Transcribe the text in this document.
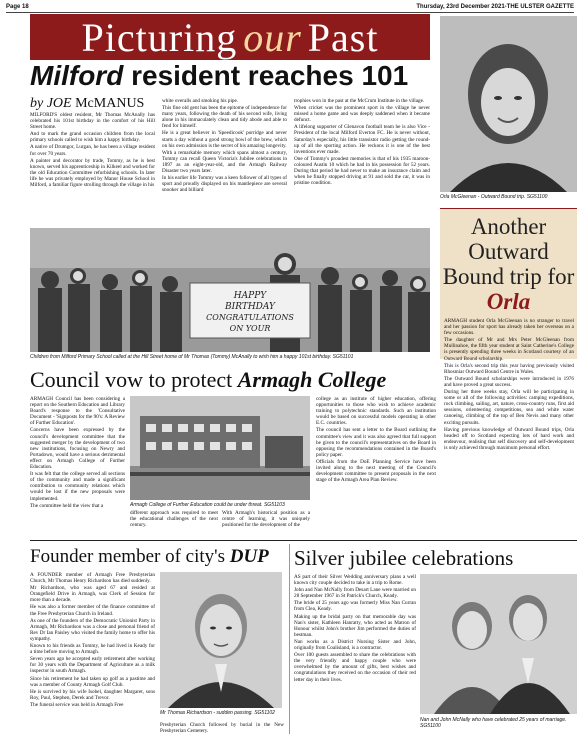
Page 18	Thursday, 23rd December 2021-THE ULSTER GAZETTE
Picturing our Past
Orla McGleenan - Outward Bound trip. SG51100
Milford resident reaches 101
by JOE McMANUS

MILFORD'S oldest resident, Mr Thomas McAnally has celebrated his 101st birthday in the comfort of his Hill Street home.

And to mark the grand occasion children from the local primary schools called to wish him a happy birthday.

A native of Drumgor, Lurgan, he has been a village resident for over 70 years.

A painter and decorator by trade, Tommy, as he is best known, served his apprenticeship in Kilkeel and worked for the old Education Committee refurbishing schools. In later life he was privately employed by Manor House School in Milford, a familiar figure strolling through the village in his

white overalls and smoking his pipe.

This fine old gent has been the epitome of independence for many years, following the death of his second wife, living alone in his immaculately clean and tidy abode and able to fend for himself.

He is a great believer in 'Speedicook' porridge and never starts a day without a good strong bowl of the brew, which on his own admission is the secret of his amazing longevity.

With a remarkable memory which spans almost a century, Tommy can recall Queen Victoria's Jubilee celebrations in 1897 as an eight-year-old, and the Armagh Railway Disaster two years later.

In his earlier life Tommy was a keen follower of all types of sport and proudly displayed on his mantlepiece are several snooker and billiard

trophies won in the past at the McCrum Institute in the village.

When cricket was the prominent sport in the village he never missed a home game and was deeply saddened when it became defunct.

A lifelong supporter of Glenavon football team he is also Vice -President of the local Milford Everton FC. He is never without, Saturday's especially, his little transistor radio getting the round-up of all the sporting action. He reckons it is one of the best inventions ever made.

One of Tommy's proudest memories is that of his 1935 maroon-coloured Austin 10 which he had in his possession for 52 years. During that period he had never to make an insurance claim and when he finally stopped driving at 91 and sold the car, it was in pristine condition.

HAPPY
BIRTHDAY
CONGRATULATIONS
ON YOUR
Children from Milford Primary School called at the Hill Street home of Mr Thomas (Tommy) McAnally to wish him a happy 101st birthday. SG51101
Another Outward Bound trip for Orla

ARMAGH student Orla McGleenan is no stranger to travel and her passion for sport has already taken her overseas on a few occasions.

The daughter of Mr and Mrs Peter McGleenan from Mullinahoe, the fifth year student at Saint Catherine's College is presently spending three weeks in Scotland courtesy of an Outward Bound scholarship.

This is Orla's second trip this year having previously visited Rhosmiar Outward Bound Centre in Wales.

The Outward Bound scholarships were introduced in 1976 and have proved a great success.

During her three weeks stay, Orla will be participating in some or all of the following activities: camping expeditions, rock climbing, sailing, art, nature, cross-country runs, first aid sessions, orienteering competitions, sea and white water canoeing, climbing of the top of Ben Nevis and many other exciting pursuits.

Having previous knowledge of Outward Bound trips, Orla headed off to Scotland expecting lots of hard work and endeavour, realising that self discovery and self-development is only achieved through maximum personal effort.

Council vow to protect Armagh College

ARMAGH Council has been considering a report on the Southern Education and Library Board's response to the 'Consultative Document - 'Signposts for the 90's: A Review of Further Education'.

Concerns have been expressed by the council's development committee that the suggested merger by the development of two new institutions, focusing on Newry and Portadown, would have a serious detrimental effect on Armagh College of Further Education.

It was felt that the college served all sections of the community and made a significant contribution to community relations which would be lost if the new proposals were implemented.

The committee held the view that a	Armagh College of Further Education could be under threat. SG51103

different approach was required to meet the educational challenges of the next century.

With Armagh's historical position as a centre of learning, it was uniquely positioned for the development of the

college as an institute of higher education, offering opportunities to those who wish to achieve academic training to polytechnic standards. Such an institution would be based on successful models operating in other E.C. countries.

The council has sent a letter to the Board outlining the committee's view and it was also agreed that full support be given to the council's representatives on the Board in opposing the recommendations contained in the Board's policy paper.

Officials from the DoE Planning Service have been invited along to the next meeting of the Council's development committee to present proposals in the next stage of the Armagh Area Plan Review.

Founder member of city's DUP

A FOUNDER member of Armagh Free Presbyterian Church, Mr Thomas Henry Richardson has died suddenly.

Mr Richardson, who was aged 67 and resided at Orangefield Drive in Armagh, was Clerk of Session for more than a decade.

He was also a former member of the finance committee of the Free Presbyterian Church in Ireland.

As one of the founders of the Democratic Unionist Party in Armagh, Mr Richardson was a close and personal friend of Rev Dr Ian Paisley who visited the family home to offer his sympathy.

Known to his friends as Tommy, he had lived in Keady for a time before moving to Armagh.

Seven years ago he accepted early retirement after working for 30 years with the Department of Agriculture as a milk inspector in south Armagh.

Since his retirement he had taken up golf as a pastime and was a member of County Armagh Golf Club.

He is survived by his wife Isobel, daughter Margaret, sons Roy, Paul, Stephen, Derek and Trevor.

The funeral service was held in Armagh Free

Mr Thomas Richardson - sudden passing. SG51102

Presbyterian Church followed by burial in the New Presbyterian Cemetery.

Silver jubilee celebrations

AS part of their Silver Wedding anniversary plans a well known city couple decided to take in a trip to Rome.

John and Nan McNally from Desart Lane were married on 28 September 1967 in St Patrick's Church, Keady.

The bride of 25 years ago was formerly Miss Nan Curran from Clea, Keady.

Making up the bridal party on that memorable day was Nan's sister, Kathleen Hanratty, who acted as Matron of Honour whilst John's brother Jim performed the duties of bestman.

Nan works as a District Nursing Sister and John, originally from Coalisland, is a contractor.

Over 100 guests assembled to share the celebrations with the very friendly and happy couple who were overwhelmed by the amount of gifts, best wishes and congratulations they received on the occasion of their red letter day in their lives.

Nan and John McNally who have celebrated 25 years of marriage. SG51100
